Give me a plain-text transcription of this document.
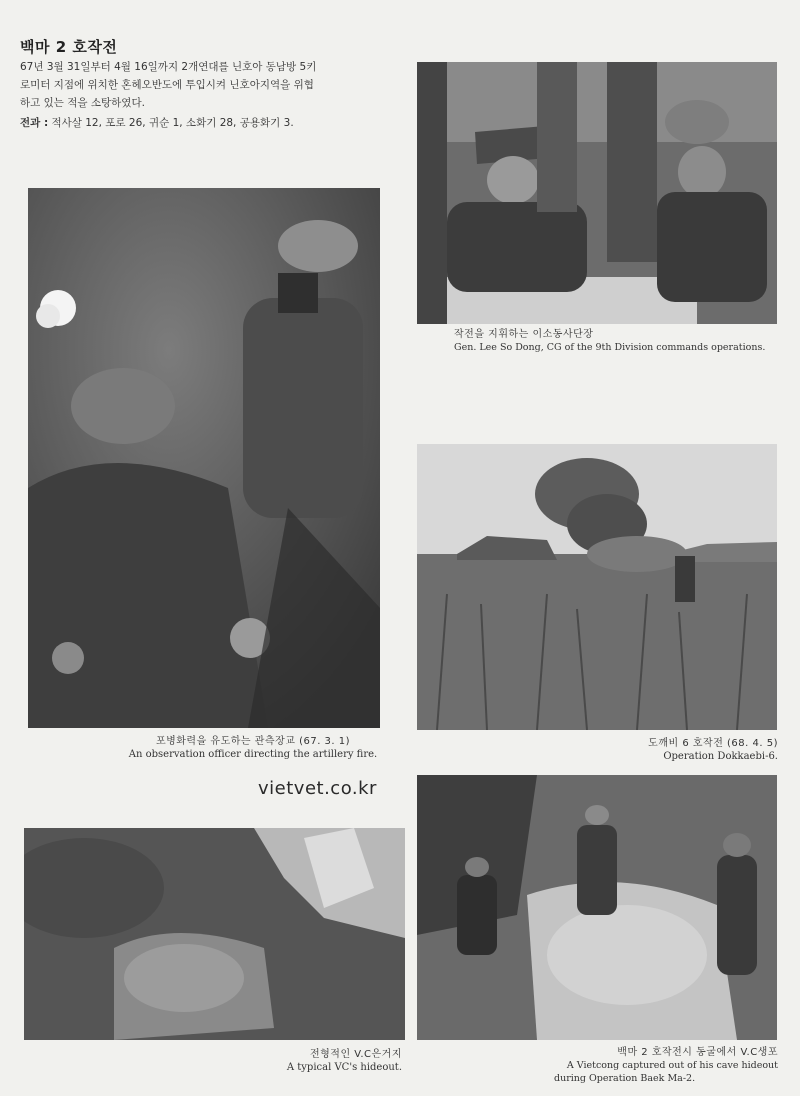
백마 2 호작전

67년 3월 31일부터 4월 16일까지 2개연대를 닌호아 동남방 5키

로미터 지점에 위치한 혼헤오반도에 투입시켜 닌호아지역을 위협

하고 있는 적을 소탕하였다.

전과 : 적사살 12, 포로 26, 귀순 1, 소화기 28, 공용화기 3.

포병화력을 유도하는 관측장교 (67. 3. 1)
An observation officer directing the artillery fire.
작전을 지휘하는 이소동사단장
Gen. Lee So Dong, CG of the 9th Division commands operations.
도깨비 6 호작전 (68. 4. 5)
Operation Dokkaebi-6.
vietvet.co.kr
전형적인 V.C은거지
A typical VC's hideout.
백마 2 호작전시 동굴에서 V.C생포
A Vietcong captured out of his cave hideout
during Operation Baek Ma-2.
